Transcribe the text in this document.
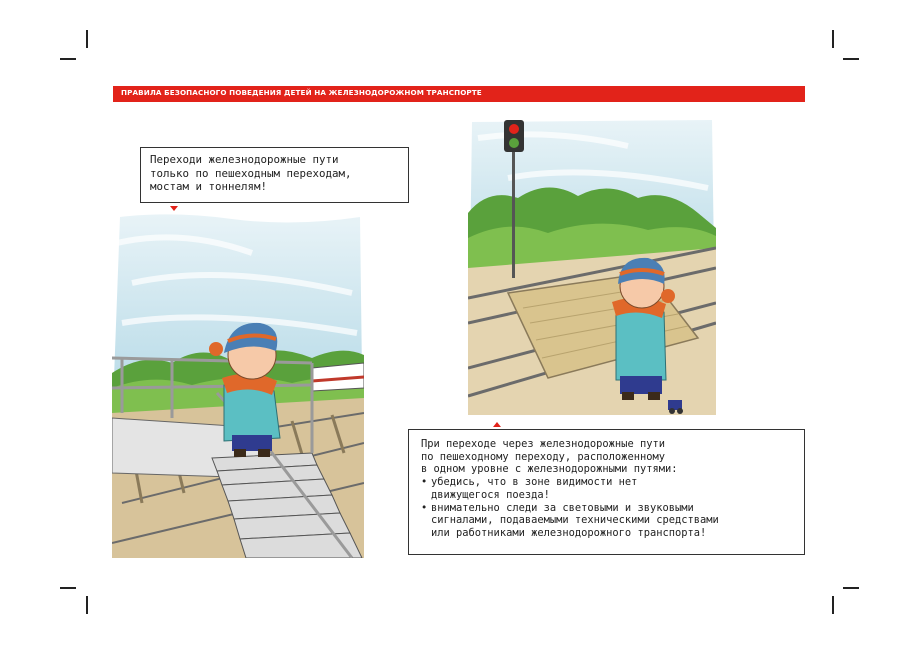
ПРАВИЛА БЕЗОПАСНОГО ПОВЕДЕНИЯ ДЕТЕЙ НА ЖЕЛЕЗНОДОРОЖНОМ ТРАНСПОРТЕ

Переходи железнодорожные пути

только по пешеходным переходам,

мостам и тоннелям!

При переходе через железнодорожные пути

по пешеходному переходу, расположенному

в одном уровне с железнодорожными путями:

• убедись, что в зоне видимости нет
движущегося поезда!
• внимательно следи за световыми и звуковыми
сигналами, подаваемыми техническими средствами
или работниками железнодорожного транспорта!
